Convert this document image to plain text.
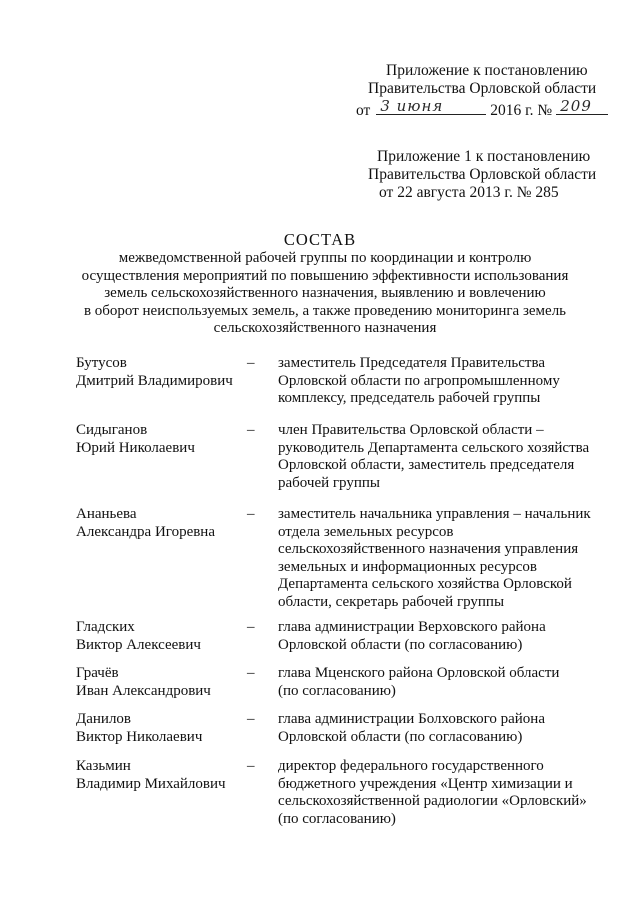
Приложение к постановлению
Правительства Орловской области
от 3 июня	2016 г. № 209
Приложение 1 к постановлению
Правительства Орловской области
от 22 августа 2013 г. № 285
СОСТАВ
межведомственной рабочей группы по координации и контролю
осуществления мероприятий по повышению эффективности использования
земель сельскохозяйственного назначения, выявлению и вовлечению
в оборот неиспользуемых земель, а также проведению мониторинга земель
сельскохозяйственного назначения
Бутусов
Дмитрий Владимирович
– заместитель Председателя Правительства
Орловской области по агропромышленному
комплексу, председатель рабочей группы
Сидыганов
Юрий Николаевич
– член Правительства Орловской области –
руководитель Департамента сельского хозяйства
Орловской области, заместитель председателя
рабочей группы
Ананьева
Александра Игоревна
– заместитель начальника управления – начальник
отдела земельных ресурсов
сельскохозяйственного назначения управления
земельных и информационных ресурсов
Департамента сельского хозяйства Орловской
области, секретарь рабочей группы
Гладских
Виктор Алексеевич
– глава администрации Верховского района
Орловской области (по согласованию)
Грачёв
Иван Александрович
– глава Мценского района Орловской области
(по согласованию)
Данилов
Виктор Николаевич
– глава администрации Болховского района
Орловской области (по согласованию)
Казьмин
Владимир Михайлович
– директор федерального государственного
бюджетного учреждения «Центр химизации и
сельскохозяйственной радиологии «Орловский»
(по согласованию)
